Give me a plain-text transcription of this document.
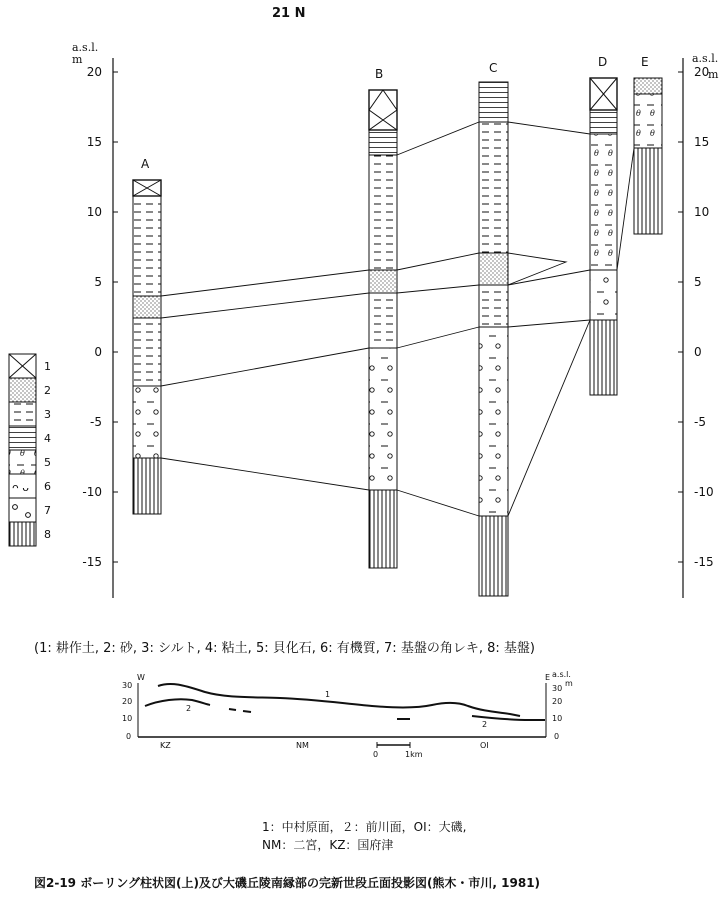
21 N
a.s.l.
m
20
15
10
5
0
-5
-10
-15
a.s.l.
m
20
15
10
5
0
-5
-10
-15
A
B	C	D	E
ᴖ ᴗ
1
2
3
4
5
6
7
8
(1: 耕作土, 2: 砂, 3: シルト, 4: 粘土, 5: 貝化石, 6: 有機質, 7: 基盤の角レキ, 8: 基盤)
W	E a.s.l.
m
30
20
10
0
30
20
10
0
1
2
2
KZ	NM	OI
0	1km
1：中村原面，２：前川面，OI：大磯,
NM：二宮，KZ：国府津
図2-19 ボーリング柱状図(上)及び大磯丘陵南縁部の完新世段丘面投影図(熊木・市川, 1981)
